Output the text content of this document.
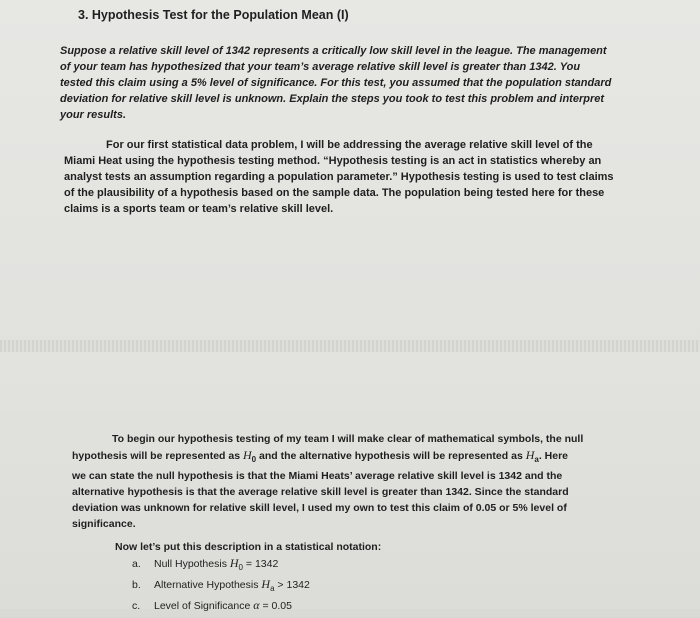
3. Hypothesis Test for the Population Mean (I)

Suppose a relative skill level of 1342 represents a critically low skill level in the league. The management

of your team has hypothesized that your team’s average relative skill level is greater than 1342. You

tested this claim using a 5% level of significance. For this test, you assumed that the population standard

deviation for relative skill level is unknown. Explain the steps you took to test this problem and interpret

your results.

For our first statistical data problem, I will be addressing the average relative skill level of the

Miami Heat using the hypothesis testing method. “Hypothesis testing is an act in statistics whereby an

analyst tests an assumption regarding a population parameter.” Hypothesis testing is used to test claims

of the plausibility of a hypothesis based on the sample data. The population being tested here for these

claims is a sports team or team’s relative skill level.

To begin our hypothesis testing of my team I will make clear of mathematical symbols, the null

hypothesis will be represented as $H_0$ and the alternative hypothesis will be represented as $H_a$. Here

we can state the null hypothesis is that the Miami Heats’ average relative skill level is 1342 and the

alternative hypothesis is that the average relative skill level is greater than 1342. Since the standard

deviation was unknown for relative skill level, I used my own to test this claim of 0.05 or 5% level of

significance.

Now let’s put this description in a statistical notation:
a. Null Hypothesis $H_0 = 1342$
b. Alternative Hypothesis $H_a > 1342$
c. Level of Significance α = 0.05
